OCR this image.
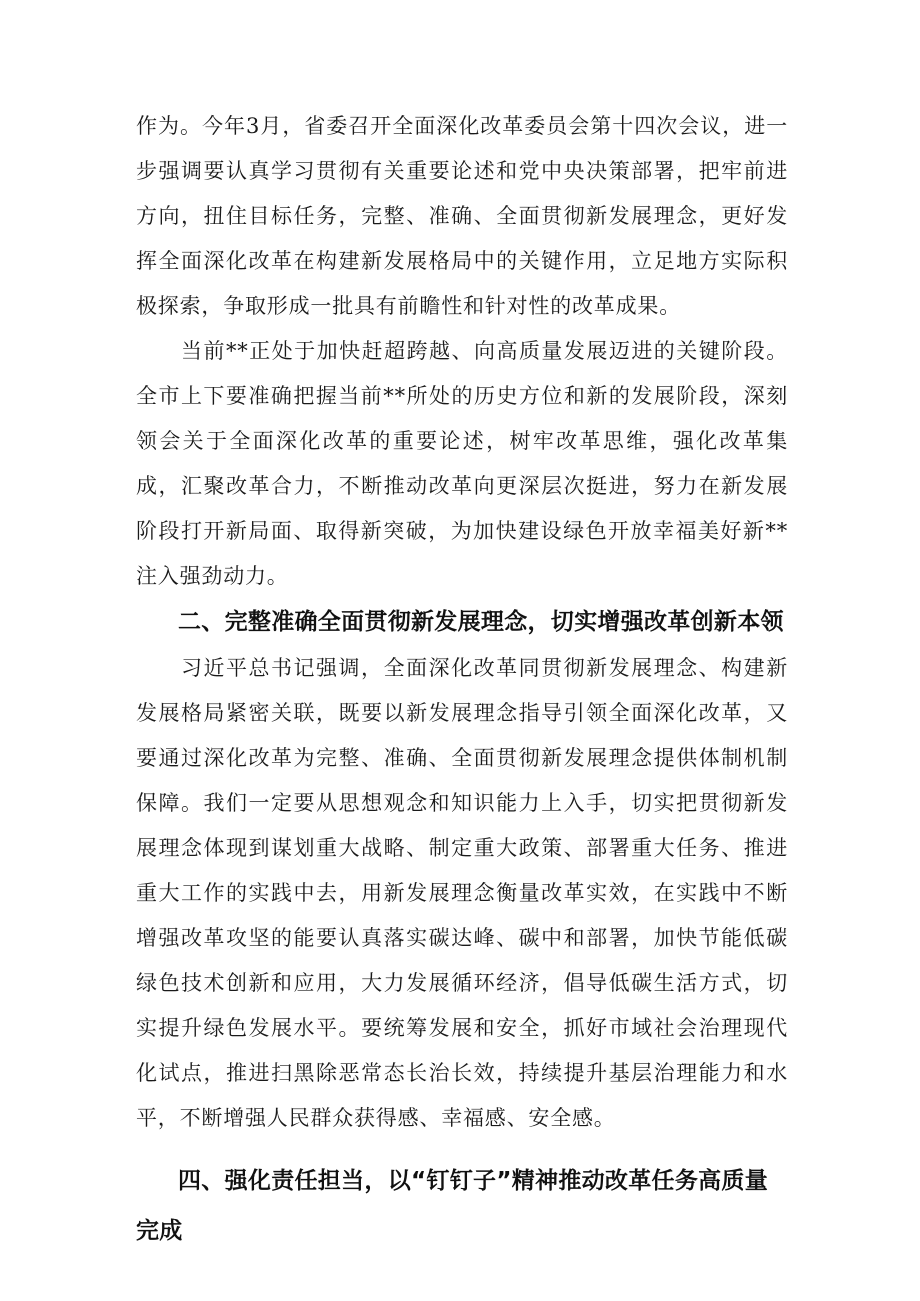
作为。今年3月，省委召开全面深化改革委员会第十四次会议，进一步强调要认真学习贯彻有关重要论述和党中央决策部署，把牢前进方向，扭住目标任务，完整、准确、全面贯彻新发展理念，更好发挥全面深化改革在构建新发展格局中的关键作用，立足地方实际积极探索，争取形成一批具有前瞻性和针对性的改革成果。

当前**正处于加快赶超跨越、向高质量发展迈进的关键阶段。全市上下要准确把握当前**所处的历史方位和新的发展阶段，深刻领会关于全面深化改革的重要论述，树牢改革思维，强化改革集成，汇聚改革合力，不断推动改革向更深层次挺进，努力在新发展阶段打开新局面、取得新突破，为加快建设绿色开放幸福美好新**注入强劲动力。

二、完整准确全面贯彻新发展理念，切实增强改革创新本领

习近平总书记强调，全面深化改革同贯彻新发展理念、构建新发展格局紧密关联，既要以新发展理念指导引领全面深化改革，又要通过深化改革为完整、准确、全面贯彻新发展理念提供体制机制保障。我们一定要从思想观念和知识能力上入手，切实把贯彻新发展理念体现到谋划重大战略、制定重大政策、部署重大任务、推进重大工作的实践中去，用新发展理念衡量改革实效，在实践中不断增强改革攻坚的能要认真落实碳达峰、碳中和部署，加快节能低碳绿色技术创新和应用，大力发展循环经济，倡导低碳生活方式，切实提升绿色发展水平。要统筹发展和安全，抓好市域社会治理现代化试点，推进扫黑除恶常态长治长效，持续提升基层治理能力和水平，不断增强人民群众获得感、幸福感、安全感。

四、强化责任担当，以“钉钉子”精神推动改革任务高质量完成
